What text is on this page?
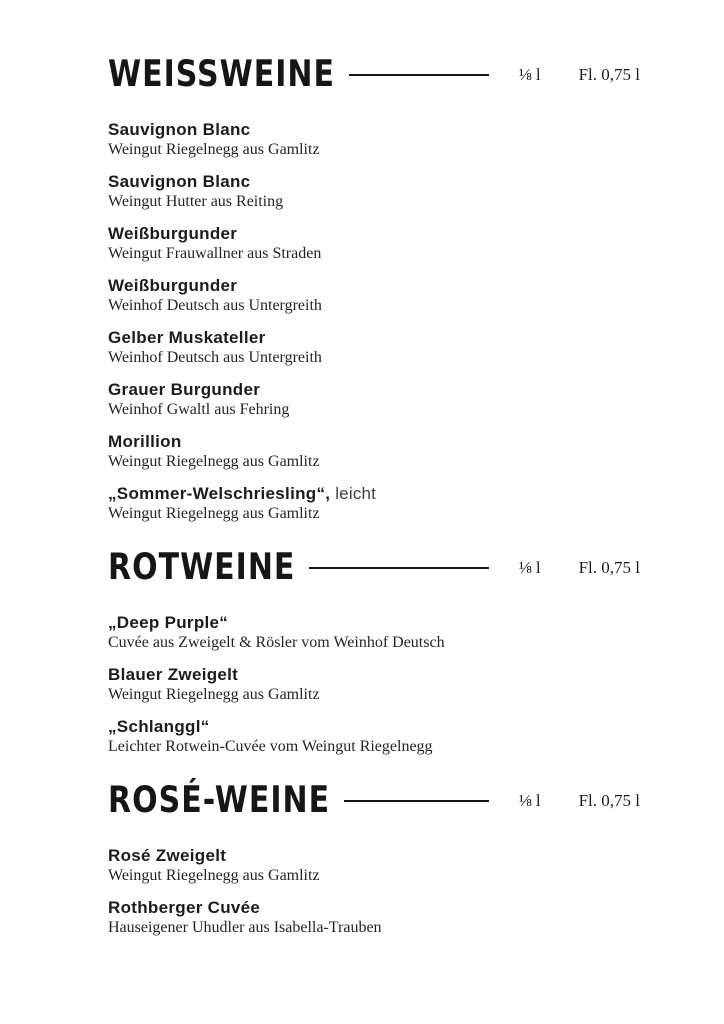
WEISSWEINE	⅛ l Fl. 0,75 l

Sauvignon Blanc

Weingut Riegelnegg aus Gamlitz

Sauvignon Blanc

Weingut Hutter aus Reiting

Weißburgunder

Weingut Frauwallner aus Straden

Weißburgunder

Weinhof Deutsch aus Untergreith

Gelber Muskateller

Weinhof Deutsch aus Untergreith

Grauer Burgunder

Weinhof Gwaltl aus Fehring

Morillion

Weingut Riegelnegg aus Gamlitz

„Sommer-Welschriesling“, leicht

Weingut Riegelnegg aus Gamlitz

ROTWEINE	⅛ l Fl. 0,75 l

„Deep Purple“

Cuvée aus Zweigelt & Rösler vom Weinhof Deutsch

Blauer Zweigelt

Weingut Riegelnegg aus Gamlitz

„Schlanggl“

Leichter Rotwein-Cuvée vom Weingut Riegelnegg

ROSÉ-WEINE	⅛ l Fl. 0,75 l

Rosé Zweigelt

Weingut Riegelnegg aus Gamlitz

Rothberger Cuvée

Hauseigener Uhudler aus Isabella-Trauben
